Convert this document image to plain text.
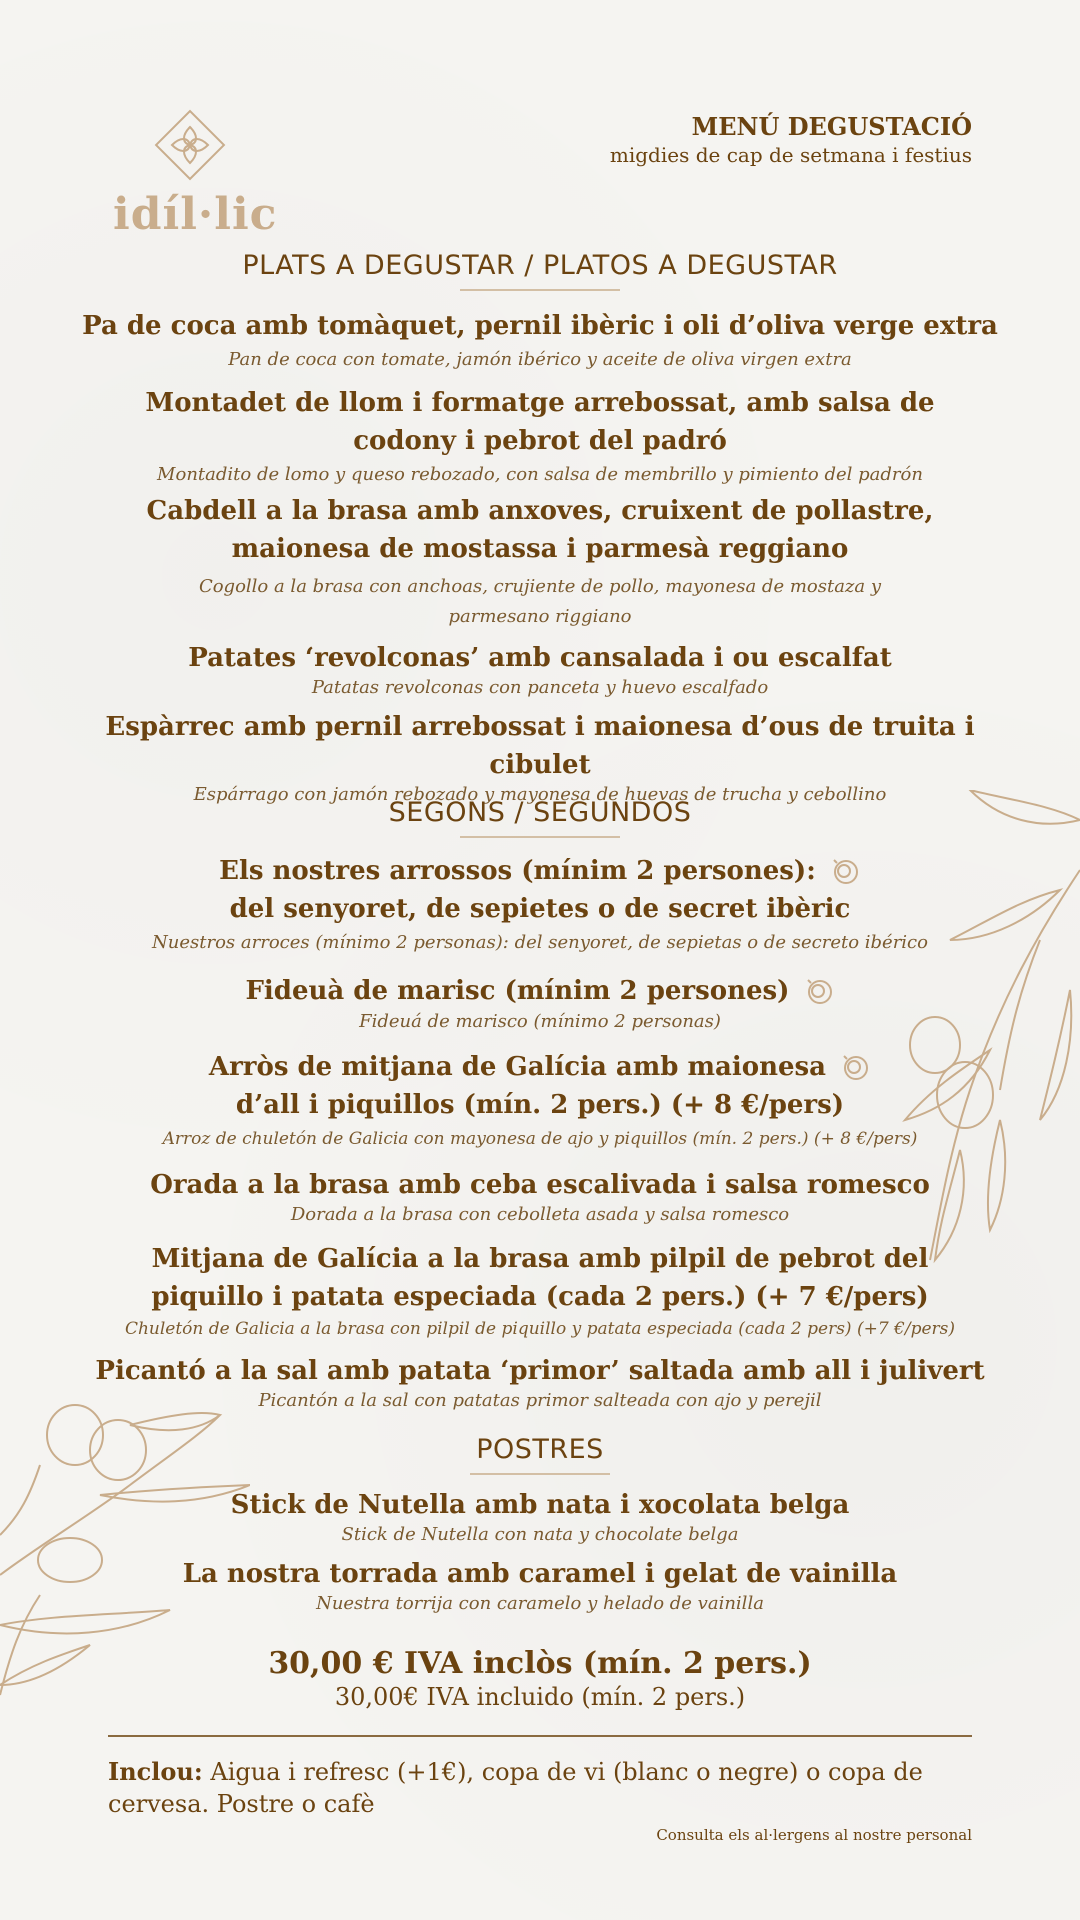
idíl·lic
MENÚ DEGUSTACIÓ
migdies de cap de setmana i festius
PLATS A DEGUSTAR / PLATOS A DEGUSTAR
Pa de coca amb tomàquet, pernil ibèric i oli d’oliva verge extra
Pan de coca con tomate, jamón ibérico y aceite de oliva virgen extra
Montadet de llom i formatge arrebossat, amb salsa de
codony i pebrot del padró
Montadito de lomo y queso rebozado, con salsa de membrillo y pimiento del padrón
Cabdell a la brasa amb anxoves, cruixent de pollastre,
maionesa de mostassa i parmesà reggiano
Cogollo a la brasa con anchoas, crujiente de pollo, mayonesa de mostaza y
parmesano riggiano
Patates ‘revolconas’ amb cansalada i ou escalfat
Patatas revolconas con panceta y huevo escalfado
Espàrrec amb pernil arrebossat i maionesa d’ous de truita i cibulet
Espárrago con jamón rebozado y mayonesa de huevas de trucha y cebollino
SEGONS / SEGUNDOS
Els nostres arrossos (mínim 2 persones):
del senyoret, de sepietes o de secret ibèric
Nuestros arroces (mínimo 2 personas): del senyoret, de sepietas o de secreto ibérico
Fideuà de marisc (mínim 2 persones)
Fideuá de marisco (mínimo 2 personas)
Arròs de mitjana de Galícia amb maionesa
d’all i piquillos (mín. 2 pers.) (+ 8 €/pers)
Arroz de chuletón de Galicia con mayonesa de ajo y piquillos (mín. 2 pers.) (+ 8 €/pers)
Orada a la brasa amb ceba escalivada i salsa romesco
Dorada a la brasa con cebolleta asada y salsa romesco
Mitjana de Galícia a la brasa amb pilpil de pebrot del
piquillo i patata especiada (cada 2 pers.) (+ 7 €/pers)
Chuletón de Galicia a la brasa con pilpil de piquillo y patata especiada (cada 2 pers) (+7 €/pers)
Picantó a la sal amb patata ‘primor’ saltada amb all i julivert
Picantón a la sal con patatas primor salteada con ajo y perejil
POSTRES
Stick de Nutella amb nata i xocolata belga
Stick de Nutella con nata y chocolate belga
La nostra torrada amb caramel i gelat de vainilla
Nuestra torrija con caramelo y helado de vainilla
30,00 € IVA inclòs (mín. 2 pers.)
30,00€ IVA incluido (mín. 2 pers.)
Inclou: Aigua i refresc (+1€), copa de vi (blanc o negre) o copa de cervesa. Postre o cafè
Consulta els al·lergens al nostre personal
